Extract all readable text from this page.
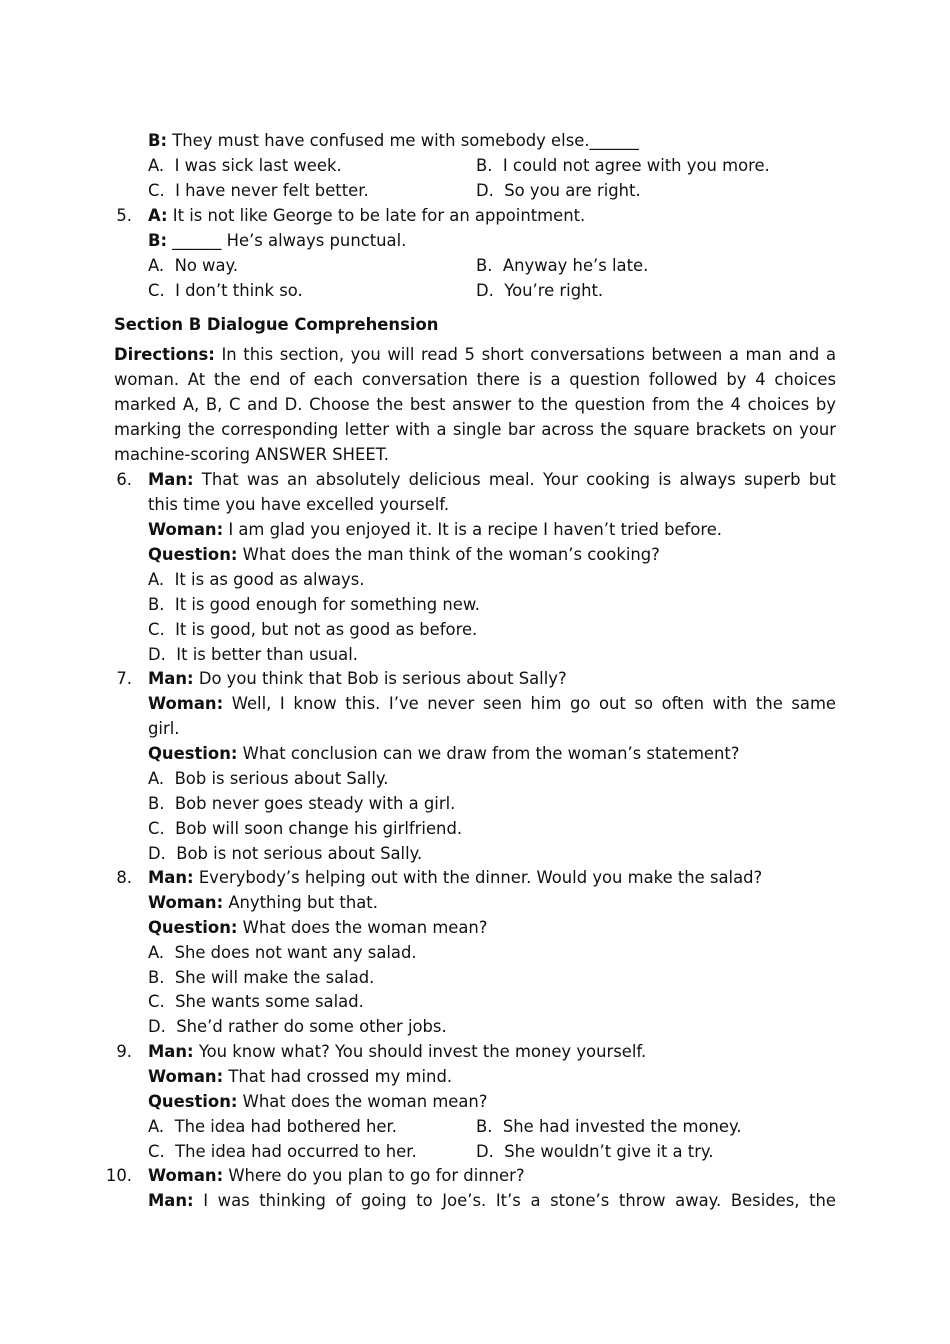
B: They must have confused me with somebody else.______
A. I was sick last week.	B. I could not agree with you more.
C. I have never felt better.	D. So you are right.
5. A: It is not like George to be late for an appointment.
B: ______ He’s always punctual.
A. No way.	B. Anyway he’s late.
C. I don’t think so.	D. You’re right.
Section B Dialogue Comprehension
Directions: In this section, you will read 5 short conversations between a man and a
woman. At the end of each conversation there is a question followed by 4 choices
marked A, B, C and D. Choose the best answer to the question from the 4 choices by
marking the corresponding letter with a single bar across the square brackets on your
machine-scoring ANSWER SHEET.
6. Man: That was an absolutely delicious meal. Your cooking is always superb but
this time you have excelled yourself.
Woman: I am glad you enjoyed it. It is a recipe I haven’t tried before.
Question: What does the man think of the woman’s cooking?
A. It is as good as always.
B. It is good enough for something new.
C. It is good, but not as good as before.
D. It is better than usual.
7. Man: Do you think that Bob is serious about Sally?
Woman: Well, I know this. I’ve never seen him go out so often with the same
girl.
Question: What conclusion can we draw from the woman’s statement?
A. Bob is serious about Sally.
B. Bob never goes steady with a girl.
C. Bob will soon change his girlfriend.
D. Bob is not serious about Sally.
8. Man: Everybody’s helping out with the dinner. Would you make the salad?
Woman: Anything but that.
Question: What does the woman mean?
A. She does not want any salad.
B. She will make the salad.
C. She wants some salad.
D. She’d rather do some other jobs.
9. Man: You know what? You should invest the money yourself.
Woman: That had crossed my mind.
Question: What does the woman mean?
A. The idea had bothered her.	B. She had invested the money.
C. The idea had occurred to her.	D. She wouldn’t give it a try.
10. Woman: Where do you plan to go for dinner?
Man: I was thinking of going to Joe’s. It’s a stone’s throw away. Besides, the
